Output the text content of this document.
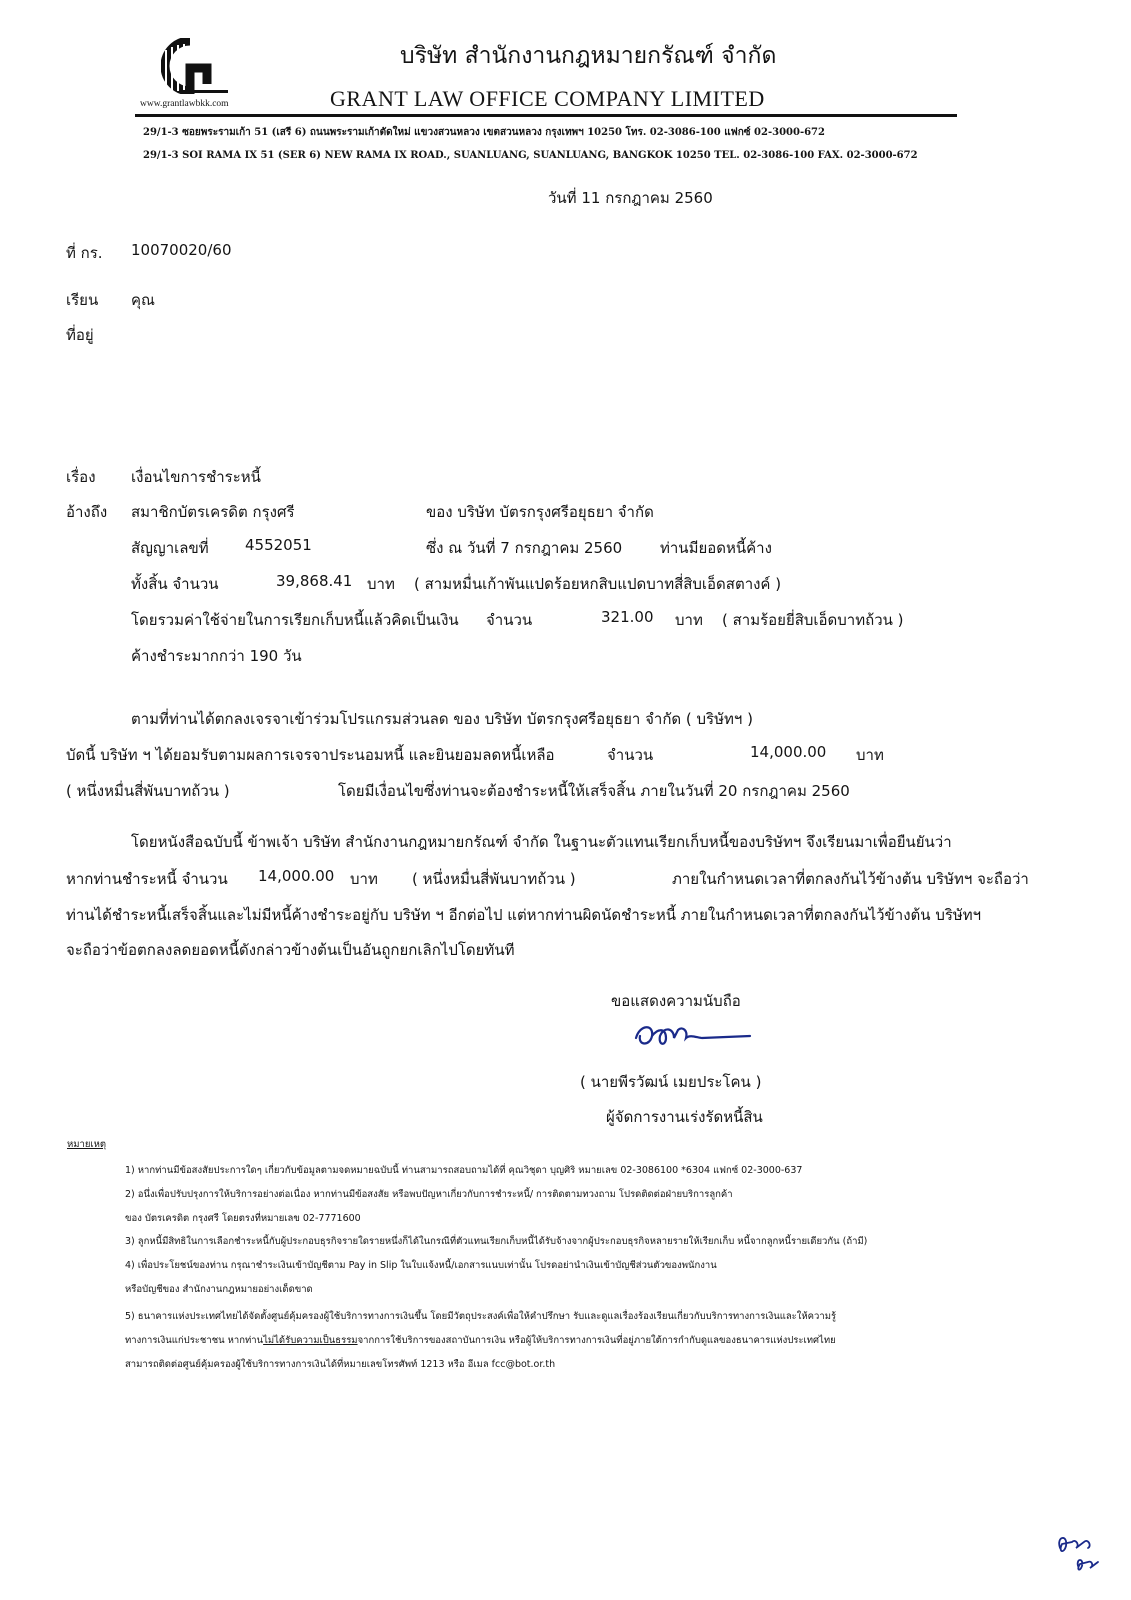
www.grantlawbkk.com
บริษัท สำนักงานกฎหมายกรัณฑ์ จำกัด
GRANT LAW OFFICE COMPANY LIMITED
29/1-3 ซอยพระรามเก้า 51 (เสรี 6) ถนนพระรามเก้าตัดใหม่ แขวงสวนหลวง เขตสวนหลวง กรุงเทพฯ 10250 โทร. 02-3086-100 แฟกซ์ 02-3000-672
29/1-3 SOI RAMA IX 51 (SER 6) NEW RAMA IX ROAD., SUANLUANG, SUANLUANG, BANGKOK 10250 TEL. 02-3086-100 FAX. 02-3000-672
วันที่ 11 กรกฎาคม 2560
ที่ กร. 10070020/60
เรียน คุณ
ที่อยู่
เรื่อง เงื่อนไขการชำระหนี้
อ้างถึง สมาชิกบัตรเครดิต กรุงศรี	ของ บริษัท บัตรกรุงศรีอยุธยา จำกัด
สัญญาเลขที่ 4552051	ซึ่ง ณ วันที่ 7 กรกฎาคม 2560	ท่านมียอดหนี้ค้าง
ทั้งสิ้น จำนวน	39,868.41 บาท ( สามหมื่นเก้าพันแปดร้อยหกสิบแปดบาทสี่สิบเอ็ดสตางค์ )
โดยรวมค่าใช้จ่ายในการเรียกเก็บหนี้แล้วคิดเป็นเงิน จำนวน	321.00 บาท ( สามร้อยยี่สิบเอ็ดบาทถ้วน )
ค้างชำระมากกว่า 190 วัน
ตามที่ท่านได้ตกลงเจรจาเข้าร่วมโปรแกรมส่วนลด ของ บริษัท บัตรกรุงศรีอยุธยา จำกัด ( บริษัทฯ )
บัดนี้ บริษัท ฯ ได้ยอมรับตามผลการเจรจาประนอมหนี้ และยินยอมลดหนี้เหลือ	จำนวน	14,000.00 บาท
( หนึ่งหมื่นสี่พันบาทถ้วน )	โดยมีเงื่อนไขซึ่งท่านจะต้องชำระหนี้ให้เสร็จสิ้น ภายในวันที่ 20 กรกฎาคม 2560
โดยหนังสือฉบับนี้ ข้าพเจ้า บริษัท สำนักงานกฎหมายกรัณฑ์ จำกัด ในฐานะตัวแทนเรียกเก็บหนี้ของบริษัทฯ จึงเรียนมาเพื่อยืนยันว่า
หากท่านชำระหนี้ จำนวน 14,000.00 บาท ( หนึ่งหมื่นสี่พันบาทถ้วน )	ภายในกำหนดเวลาที่ตกลงกันไว้ข้างต้น บริษัทฯ จะถือว่า
ท่านได้ชำระหนี้เสร็จสิ้นและไม่มีหนี้ค้างชำระอยู่กับ บริษัท ฯ อีกต่อไป แต่หากท่านผิดนัดชำระหนี้ ภายในกำหนดเวลาที่ตกลงกันไว้ข้างต้น บริษัทฯ
จะถือว่าข้อตกลงลดยอดหนี้ดังกล่าวข้างต้นเป็นอันถูกยกเลิกไปโดยทันที
ขอแสดงความนับถือ
( นายพีรวัฒน์ เมยประโคน )
ผู้จัดการงานเร่งรัดหนี้สิน
หมายเหตุ
1) หากท่านมีข้อสงสัยประการใดๆ เกี่ยวกับข้อมูลตามจดหมายฉบับนี้ ท่านสามารถสอบถามได้ที่ คุณวิชุดา บุญศิริ หมายเลข 02-3086100 *6304 แฟกซ์ 02-3000-637
2) อนึ่งเพื่อปรับปรุงการให้บริการอย่างต่อเนื่อง หากท่านมีข้อสงสัย หรือพบปัญหาเกี่ยวกับการชำระหนี้/ การติดตามทวงถาม โปรดติดต่อฝ่ายบริการลูกค้า
ของ บัตรเครดิต กรุงศรี โดยตรงที่หมายเลข 02-7771600
3) ลูกหนี้มีสิทธิในการเลือกชำระหนี้กับผู้ประกอบธุรกิจรายใดรายหนึ่งก็ได้ในกรณีที่ตัวแทนเรียกเก็บหนี้ได้รับจ้างจากผู้ประกอบธุรกิจหลายรายให้เรียกเก็บ หนี้จากลูกหนี้รายเดียวกัน (ถ้ามี)
4) เพื่อประโยชน์ของท่าน กรุณาชำระเงินเข้าบัญชีตาม Pay in Slip ในใบแจ้งหนี้/เอกสารแนบเท่านั้น โปรดอย่านำเงินเข้าบัญชีส่วนตัวของพนักงาน
หรือบัญชีของ สำนักงานกฎหมายอย่างเด็ดขาด
5) ธนาคารแห่งประเทศไทยได้จัดตั้งศูนย์คุ้มครองผู้ใช้บริการทางการเงินขึ้น โดยมีวัตถุประสงค์เพื่อให้คำปรึกษา รับและดูแลเรื่องร้องเรียนเกี่ยวกับบริการทางการเงินและให้ความรู้
ทางการเงินแก่ประชาชน หากท่านไม่ได้รับความเป็นธรรมจากการใช้บริการของสถาบันการเงิน หรือผู้ให้บริการทางการเงินที่อยู่ภายใต้การกำกับดูแลของธนาคารแห่งประเทศไทย
สามารถติดต่อศูนย์คุ้มครองผู้ใช้บริการทางการเงินได้ที่หมายเลขโทรศัพท์ 1213 หรือ อีเมล fcc@bot.or.th
